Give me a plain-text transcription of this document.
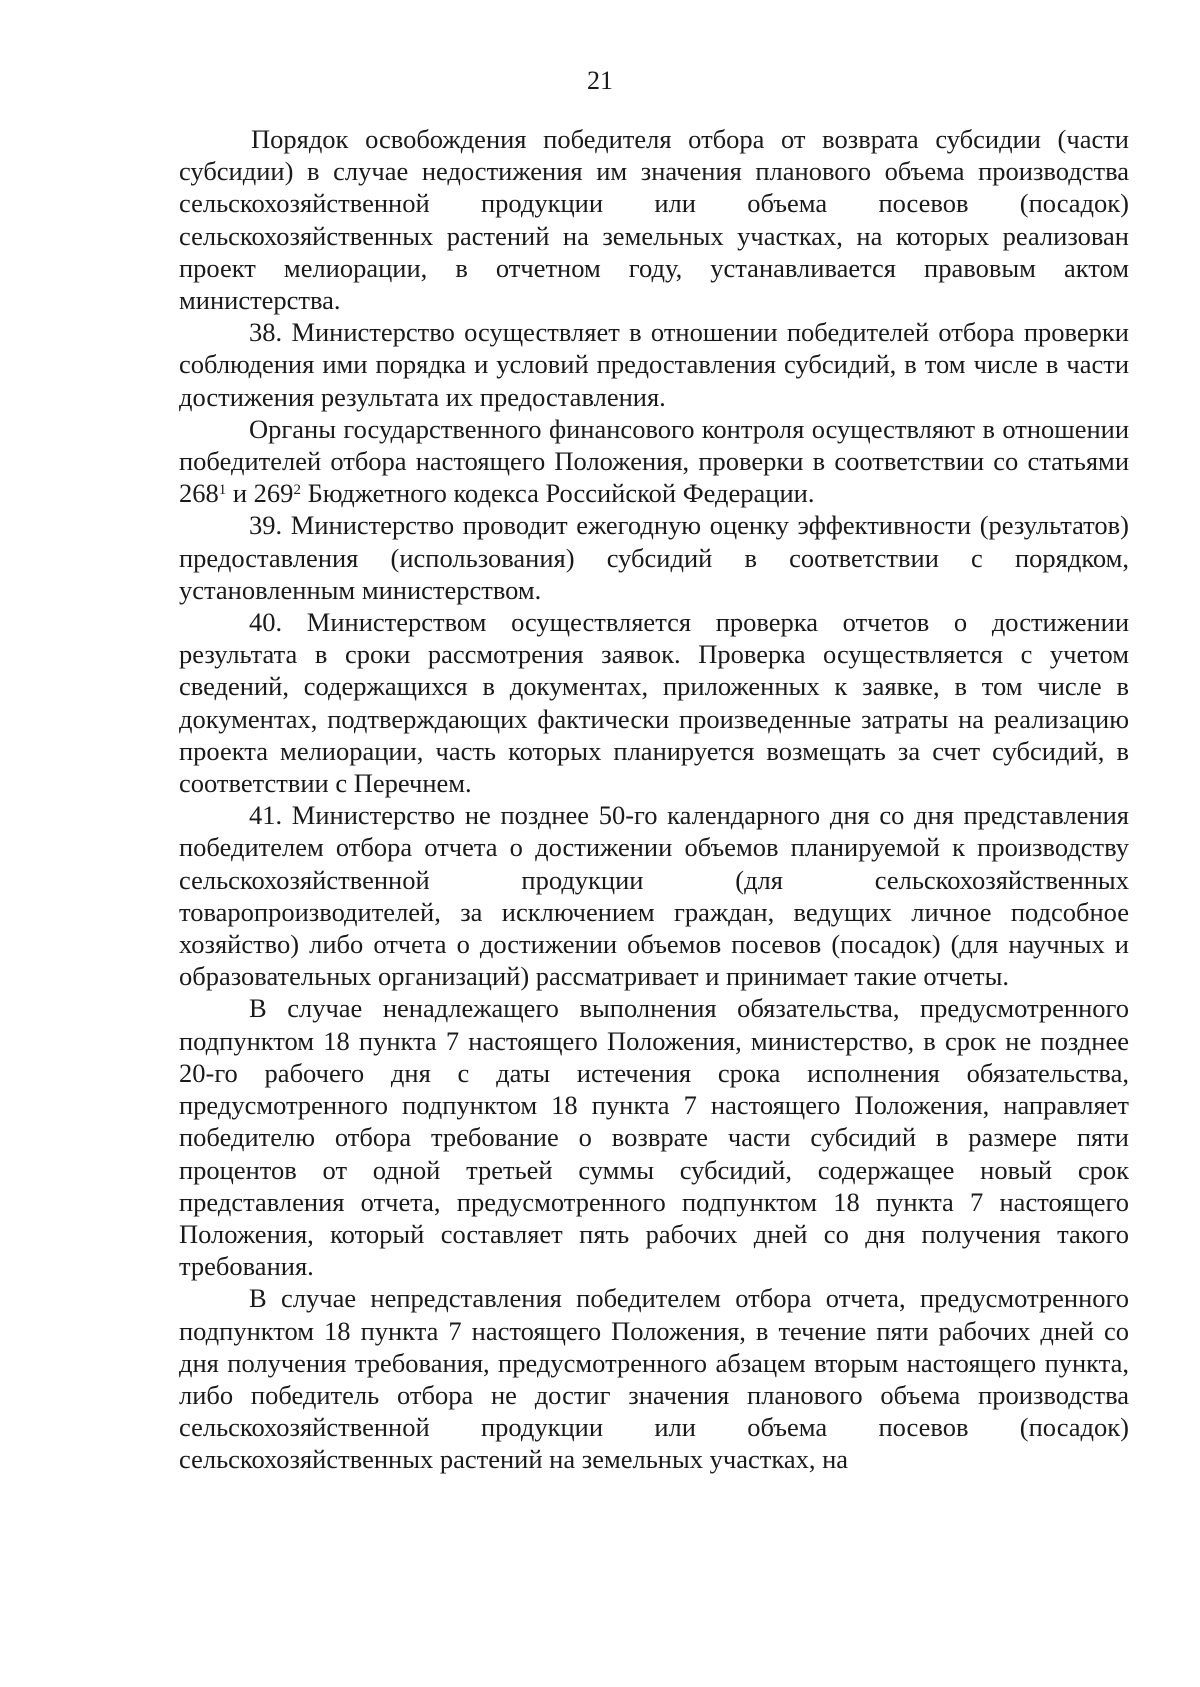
21

Порядок освобождения победителя отбора от возврата субсидии (части субсидии) в случае недостижения им значения планового объема производства сельскохозяйственной продукции или объема посевов (посадок) сельскохозяйственных растений на земельных участках, на которых реализован проект мелиорации, в отчетном году, устанавливается правовым актом министерства.

38. Министерство осуществляет в отношении победителей отбора проверки соблюдения ими порядка и условий предоставления субсидий, в том числе в части достижения результата их предоставления.

Органы государственного финансового контроля осуществляют в отношении победителей отбора настоящего Положения, проверки в соответствии со статьями $268^1$ и $269^2$ Бюджетного кодекса Российской Федерации.

39. Министерство проводит ежегодную оценку эффективности (результатов) предоставления (использования) субсидий в соответствии с порядком, установленным министерством.

40. Министерством осуществляется проверка отчетов о достижении результата в сроки рассмотрения заявок. Проверка осуществляется с учетом сведений, содержащихся в документах, приложенных к заявке, в том числе в документах, подтверждающих фактически произведенные затраты на реализацию проекта мелиорации, часть которых планируется возмещать за счет субсидий, в соответствии с Перечнем.

41. Министерство не позднее 50-го календарного дня со дня представления победителем отбора отчета о достижении объемов планируемой к производству сельскохозяйственной продукции (для сельскохозяйственных товаропроизводителей, за исключением граждан, ведущих личное подсобное хозяйство) либо отчета о достижении объемов посевов (посадок) (для научных и образовательных организаций) рассматривает и принимает такие отчеты.

В случае ненадлежащего выполнения обязательства, предусмотренного подпунктом 18 пункта 7 настоящего Положения, министерство, в срок не позднее 20-го рабочего дня с даты истечения срока исполнения обязательства, предусмотренного подпунктом 18 пункта 7 настоящего Положения, направляет победителю отбора требование о возврате части субсидий в размере пяти процентов от одной третьей суммы субсидий, содержащее новый срок представления отчета, предусмотренного подпунктом 18 пункта 7 настоящего Положения, который составляет пять рабочих дней со дня получения такого требования.

В случае непредставления победителем отбора отчета, предусмотренного подпунктом 18 пункта 7 настоящего Положения, в течение пяти рабочих дней со дня получения требования, предусмотренного абзацем вторым настоящего пункта, либо победитель отбора не достиг значения планового объема производства сельскохозяйственной продукции или объема посевов (посадок) сельскохозяйственных растений на земельных участках, на
